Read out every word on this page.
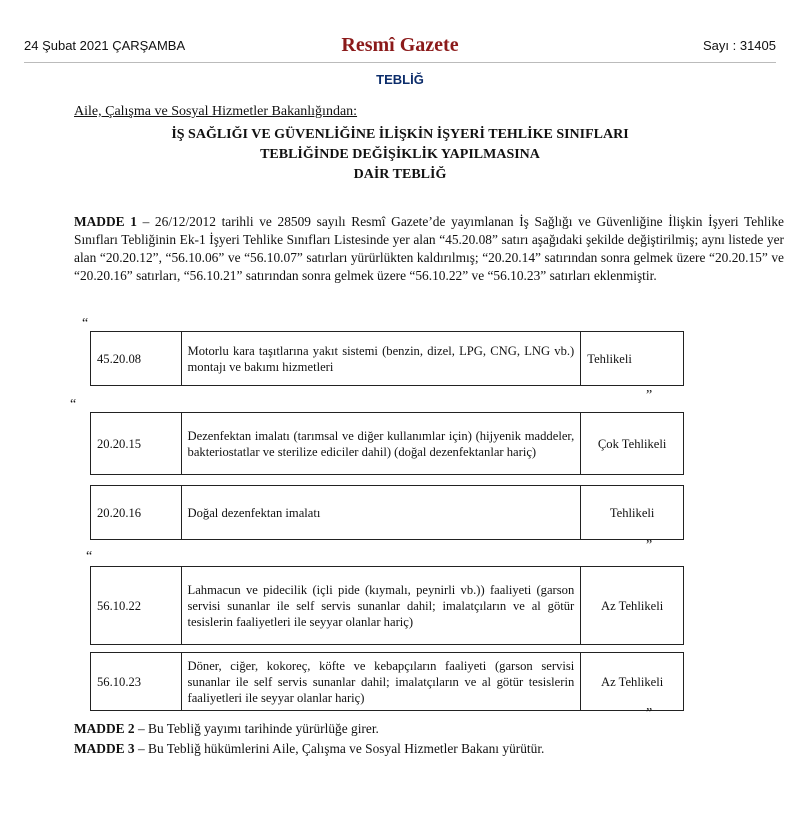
24 Şubat 2021 ÇARŞAMBA	Resmî Gazete	Sayı : 31405
TEBLİĞ
Aile, Çalışma ve Sosyal Hizmetler Bakanlığından:
İŞ SAĞLIĞI VE GÜVENLİĞİNE İLİŞKİN İŞYERİ TEHLİKE SINIFLARI
TEBLİĞİNDE DEĞİŞİKLİK YAPILMASINA
DAİR TEBLİĞ

MADDE 1 – 26/12/2012 tarihli ve 28509 sayılı Resmî Gazete’de yayımlanan İş Sağlığı ve Güvenliğine İlişkin İşyeri Tehlike Sınıfları Tebliğinin Ek-1 İşyeri Tehlike Sınıfları Listesinde yer alan “45.20.08” satırı aşağıdaki şekilde değiştirilmiş; aynı listede yer alan “20.20.12”, “56.10.06” ve “56.10.07” satırları yürürlükten kaldırılmış; “20.20.14” satırından sonra gelmek üzere “20.20.15” ve “20.20.16” satırları, “56.10.21” satırından sonra gelmek üzere “56.10.22” ve “56.10.23” satırları eklenmiştir.

“
45.20.08	Motorlu kara taşıtlarına yakıt sistemi (benzin, dizel, LPG, CNG, LNG vb.) montajı ve bakımı hizmetleri	Tehlikeli
”
“
20.20.15	Dezenfektan imalatı (tarımsal ve diğer kullanımlar için) (hijyenik maddeler, bakteriostatlar ve sterilize ediciler dahil) (doğal dezenfektanlar hariç)	Çok Tehlikeli
20.20.16	Doğal dezenfektan imalatı	Tehlikeli
”
“
56.10.22	Lahmacun ve pidecilik (içli pide (kıymalı, peynirli vb.)) faaliyeti (garson servisi sunanlar ile self servis sunanlar dahil; imalatçıların ve al götür tesislerin faaliyetleri ile seyyar olanlar hariç)	Az Tehlikeli
56.10.23	Döner, ciğer, kokoreç, köfte ve kebapçıların faaliyeti (garson servisi sunanlar ile self servis sunanlar dahil; imalatçıların ve al götür tesislerin faaliyetleri ile seyyar olanlar hariç)	Az Tehlikeli
”
MADDE 2 – Bu Tebliğ yayımı tarihinde yürürlüğe girer.
MADDE 3 – Bu Tebliğ hükümlerini Aile, Çalışma ve Sosyal Hizmetler Bakanı yürütür.
